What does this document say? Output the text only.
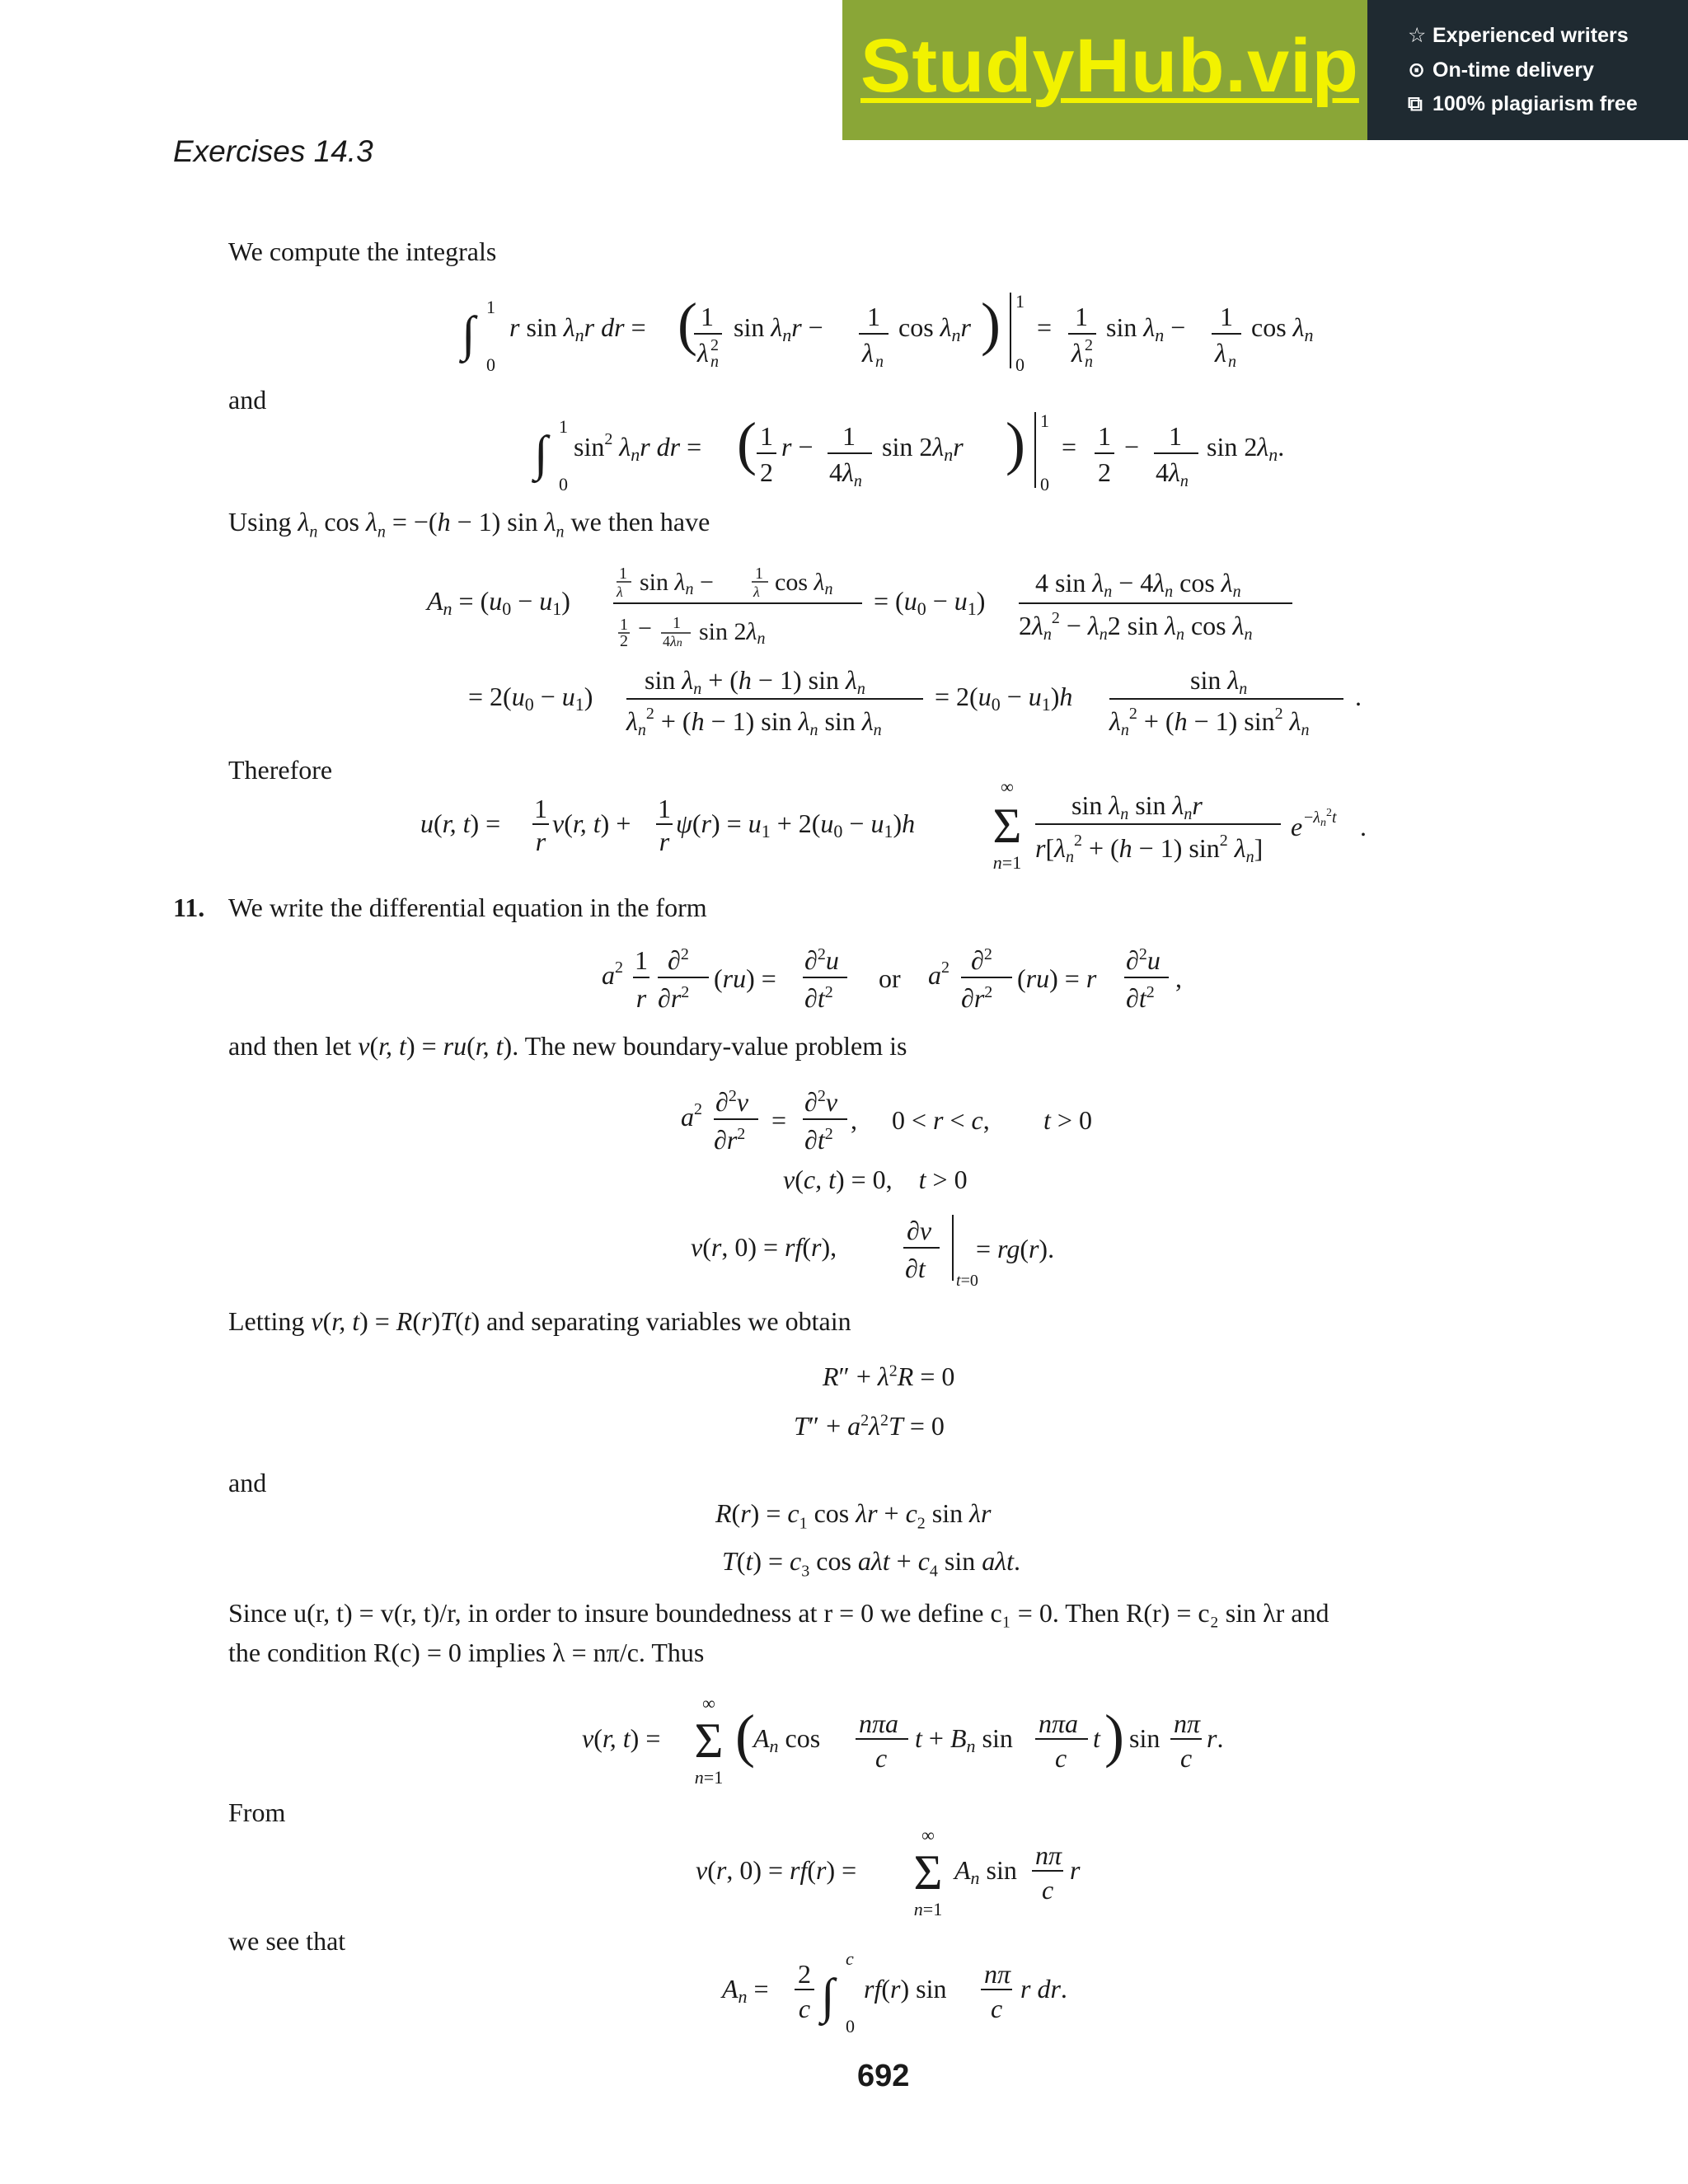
StudyHub.vip ☆ Experienced writers
⊙ On-time delivery
⧉ 100% plagiarism free
Exercises 14.3
We compute the integrals
∫ 1
0
r sin λnr dr = ( 1
λ n
2
sin λnr − 1
λ n
cos λnr ) 1
0
= 1
λ n
2
sin λn − 1
λ n
cos λn
and
∫ 1
0
$\sin^2 \lambda nr$ dr = ( 1
2
r − 1
4λn
sin 2λnr ) 1
0
= 1
2
− 1
4λn
sin 2λn.
Using $\lambda_n$ $\cos \lambda_n = -(h - 1)$ $\sin \lambda_n$ we then have
An = (u0 − u1)
1
λ sin λn −	1
λ cos λn
1
2 − 1
4λn sin 2λn
= (u0 − u1)
4 sin λn − 4λn cos λn
$2\lambda n^2 - \lambda n2$ sin λn cos λn
= 2(u0 − u1)
sin λn + (h − 1) sin λn
$\lambda n^2 + (h - 1)$ sin λn sin λn
= 2(u0 − u1)h
sin λn
$\lambda n^2 + (h - 1)$ $\sin^2 \lambda n$
.
Therefore
u(r, t) = 1
r
v(r, t) + 1
r
ψ(r) = u1 + 2(u0 − u1)h
∞
Σ
n=1
sin λn sin λnr
$r[\lambda n^2 + (h - 1)$ $\sin^2 \lambda n$]
$e -\lambda_n^2t$ .
11. We write the differential equation in the form
$a^2$ 1
r
∂$^2$
$\partial r^2$ (ru) =
∂$^2$u
$\partial t^2$ or $a^2$ ∂$^2$
$\partial r^2$ (ru) = r
∂$^2$u
$\partial t^2$ ,
and then let v(r, t) = ru(r, t). The new boundary-value problem is
$a^2$ ∂$^2$v
$\partial r^2$ =
∂$^2$v
$\partial t^2$ , 0 < r < c, t > 0
v(c, t) = 0,    t > 0
v(r, 0) = rf(r),
∂v
∂t t=0
= rg(r).
Letting v(r, t) = R(r)T(t) and separating variables we obtain
$R'' + \lambda^2R = 0$
$T'' + a^2\lambda^2T = 0$
and
$R(r) = c_1$ $\cos \lambda r + c_2$ sin λr
$T(t) = c_3$ $\cos a\lambda t + c_4$ sin aλt.
Since u(r, t) = v(r, t)/r, in order to insure boundedness at r = 0 we define c₁ = 0. Then R(r) = c₂ sin λr and
the condition R(c) = 0 implies λ = nπ/c. Thus
v(r, t) =
∞
Σ
n=1
(
An cos nπa
c
t + Bn sin nπa
c
t ) sin nπ
c
r.
From
v(r, 0) = rf(r) =
∞
Σ
n=1
An sin nπ
c
r
we see that
An = 2
c ∫
c
0
rf(r) sin nπ
c
r dr.
692
